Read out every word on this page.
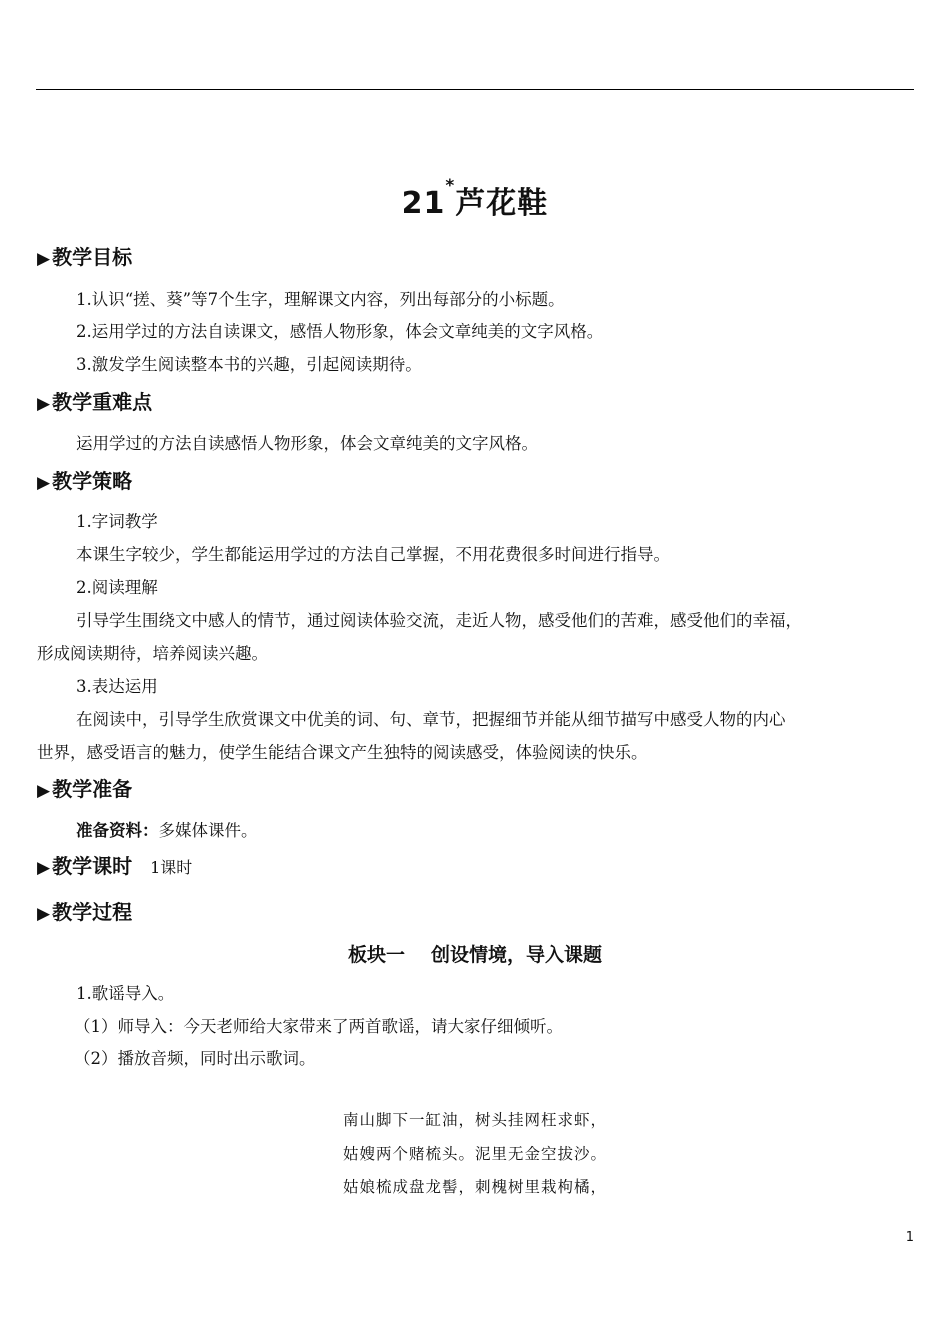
21*芦花鞋
▶ 教学目标
1.认识“搓、葵”等7个生字，理解课文内容，列出每部分的小标题。
2.运用学过的方法自读课文，感悟人物形象，体会文章纯美的文字风格。
3.激发学生阅读整本书的兴趣，引起阅读期待。
▶ 教学重难点
运用学过的方法自读感悟人物形象，体会文章纯美的文字风格。
▶ 教学策略
1.字词教学
本课生字较少，学生都能运用学过的方法自己掌握，不用花费很多时间进行指导。
2.阅读理解
引导学生围绕文中感人的情节，通过阅读体验交流，走近人物，感受他们的苦难，感受他们的幸福，
形成阅读期待，培养阅读兴趣。
3.表达运用
在阅读中，引导学生欣赏课文中优美的词、句、章节，把握细节并能从细节描写中感受人物的内心
世界，感受语言的魅力，使学生能结合课文产生独特的阅读感受，体验阅读的快乐。
▶ 教学准备
准备资料：多媒体课件。
▶ 教学课时 1课时
▶ 教学过程
板块一 创设情境，导入课题
1.歌谣导入。
（1）师导入：今天老师给大家带来了两首歌谣，请大家仔细倾听。
（2）播放音频，同时出示歌词。
南山脚下一缸油，树头挂网枉求虾，
姑嫂两个赌梳头。泥里无金空拔沙。
姑娘梳成盘龙髻，刺槐树里栽枸橘，
1
